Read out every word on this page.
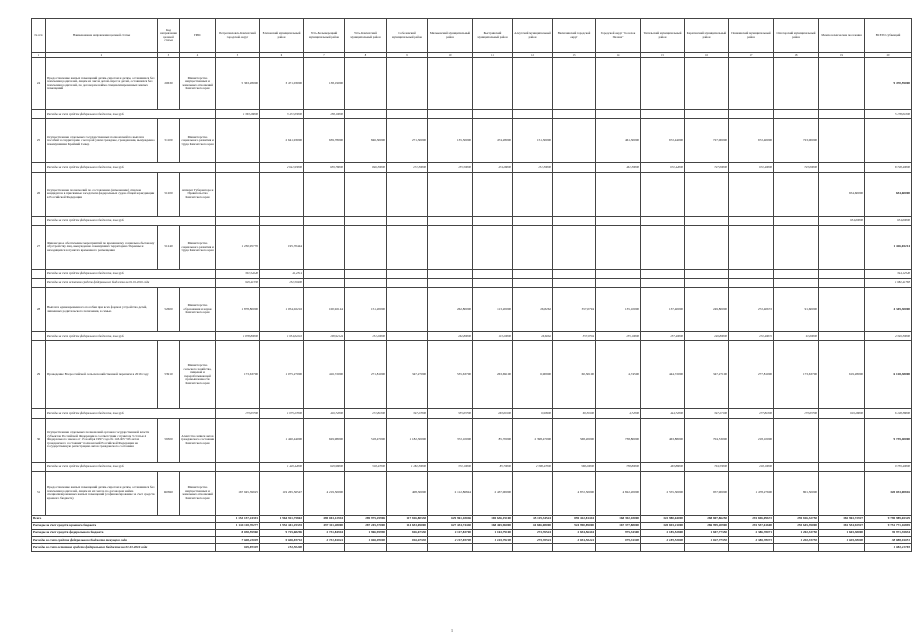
№ п/п	Наименование направления целевой статьи	Код направления целевой статьи	ГРБС	Петропавловск-Камчатский городской округ	Елизовский муниципальный район	Усть-Большерецкий муниципальный район	Усть-Камчатский муниципальный район	Соболевский муниципальный район	Мильковский муниципальный район	Быстринский муниципальный район	Алеутский муниципальный район	Вилючинский городской округ	Городской округ "поселок Палана"	Тигильский муниципальный район	Карагинский муниципальный район	Пенжинский муниципальный район	Олюторский муниципальный район	Межпоселенческие поселения	ВСЕГО субвенций	
1	2	3	4	5	6	7	8	9	10	11	12	13	14	15	16	17	18	19	20	
24	Предоставление жилых помещений детям-сиротам и детям, оставшимся без попечения родителей, лицам из числа детей-сирот и детей, оставшихся без попечения родителей, по договорам найма специализированных жилых помещений	20630	Министерство имущественных и земельных отношений Камчатского края	5 363,28000	3 471,03000	138,19000													9 470,59000	
	Расходы за счет средств федерального бюджета, тыс.руб.			1 363,28000	3 471,03000	138,19000													5 178,01000	
25	Осуществление отдельных государственных полномочий по выплате пособий за территорию с которой ушли граждане, гражданами, вынужденно покинувшими Крайний Север	51100	Министерство социального развития и труда Камчатского края		2 641,93000	639,78000	846,30000	271,30000	135,50000	474,28000	151,30000		461,30000	672,44000	727,00000	672,40000	723,00000			
	Расходы за счет средств федерального бюджета, тыс.руб.				2 641,93000	639,78000	846,30000	271,30000	135,50000	474,28000	151,30000		461,30000	672,44000	727,00000	672,40000	723,00000		8 728,40000	
26	Осуществление полномочий по составлению (изменению) списков кандидатов в присяжные заседатели федеральных судов общей юрисдикции в Российской Федерации	51200	Аппарат Губернатора и Правительства Камчатского края															654,60000	654,60000	
	Расходы за счет средств федерального бюджета, тыс.руб.																	654,60000	654,60000	
27	Финансовое обеспечение мероприятий по временному социально-бытовому обустройству лиц, вынужденно покинувших территорию Украины и находящихся в пунктах временного размещения	51240	Министерство социального развития и труда Камчатского края	1 230,95770	195,70444														1 426,65214	
	Расходы за счет средств федерального бюджета, тыс.руб.			301,54240	41,2314														344,12540	
	Расходы за счет остатков средств федерального бюджета на 01.01.2016 года			929,41530	152,50400														1 082,41783	
28	Выплата единовременного пособия при всех формах устройства детей, лишенных родительского попечения, в семью	52600	Министерство образования и науки Камчатского края	1 878,80000	1 054,02216	100,92144	151,20000		262,80000	113,20000	26,8262	357,0794	135,10000	137,40000	249,80000	272,40672	91,60000		4 349,30000	
	Расходы за счет средств федерального бюджета, тыс.руб.			1 878,80000	1 054,02216	100,92144	151,20000		262,80000	113,20000	26,8262	357,0794	135,10000	137,40000	249,80000	272,40672	91,60000		4 349,30000	
29	Проведение Всероссийской сельскохозяйственной переписи в 2016 году	53910	Министерство сельского хозяйства, пищевой и перерабатывающей промышленности Камчатского края	173,63700	1 075,27000	416,72000	271,81000	347,27000	535,63700	263,69100	6,90900	60,30100	4,74500	444,72000	347,27100	277,81000	173,63700	619,28000	6 128,38000	
	Расходы за счет средств федерального бюджета, тыс.руб.			173,63700	1 075,27000	416,72000	271,81000	347,27000	535,63700	263,69100	6,90900	60,30100	4,74500	444,72000	347,27100	277,81000	173,63700	619,28000	6 128,38000	
30	Осуществление отдельных полномочий органов государственной власти субъектов Российской Федерации в соответствии с пунктом 3 статьи 4 Федерального закона от 15 ноября 1997 года № 143-ФЗ "Об актах гражданского состояния" полномочий Российской Федерации на государственную регистрацию актов гражданского состояния	59300	Агентство записи актов гражданского состояния Камчатского края		1 420,44000	629,98000	518,47000	1 182,30000	372,10000	85,70000	2 398,47000	568,20000	738,80000	463,88000	704,53000	218,10000			9 739,40000	
	Расходы за счет средств федерального бюджета, тыс.руб.				1 420,44000	629,98000	518,47000	1 182,30000	372,10000	85,70000	2 398,47000	568,20000	738,80000	463,88000	704,53000	218,10000			9 739,40000	
31	Предоставление жилых помещений детям-сиротам и детям, оставшимся без попечения родителей, лицам из их числа по договорам найма специализированных жилых помещений (софинансирование за счет средств краевого бюджета)	R0820	Министерство имущественных и земельных отношений Камчатского края	167 945,39925	119 265,56547	4 219,50000		408,30000	2 112,86844	2 437,00000		4 872,50000	4 822,20000	2 555,30000	957,90000	1 478,27600	801,50000		320 033,00816	
Всего				1 153 157,24391	1 964 921,75863	490 043,12944	289 975,25906	117 816,80338	629 961,18046	169 636,19100	45 119,34524	859 422,81444	168 392,18000	322 980,64000	288 807,86250	291 696,09672	259 816,32750	382 963,72927	9 790 989,65329	
Расходы за счет средств краевого бюджета				1 144 118,70277	1 952 441,25335	497 311,28000	287 245,37000	114 653,69000	627 434,74440	168 465,96000	44 846,08000	924 990,89000	167 377,88000	320 693,21000	286 999,20900	291 557,61600	255 645,39000	381 554,92927	9 751 771,16895	
Расходы за счет средств федерального бюджета				8 038,59960	9 725,68296	2 731,84944	1 966,95990	816,67330	2 117,83700	1 163,79100	273,76524	2 834,56444	975,34300	2 185,52800	1 847,77350	2 386,78071	1 202,33750	1 603,38000	39 971,35834	
Расходы за счет средств федерального бюджета текущего года				7 668,43005	9 606,83716	2 731,84944	1 966,95990	816,67330	2 117,83700	1 163,79100	273,76524	2 834,56444	975,34300	2 185,52800	1 847,77350	2 386,78071	1 202,33750	1 603,38000	38 888,94051	
Расходы за счет остатков средств федерального бюджета на 01.01.2016 года				929,85305	152,50400														1 082,41783	
1
